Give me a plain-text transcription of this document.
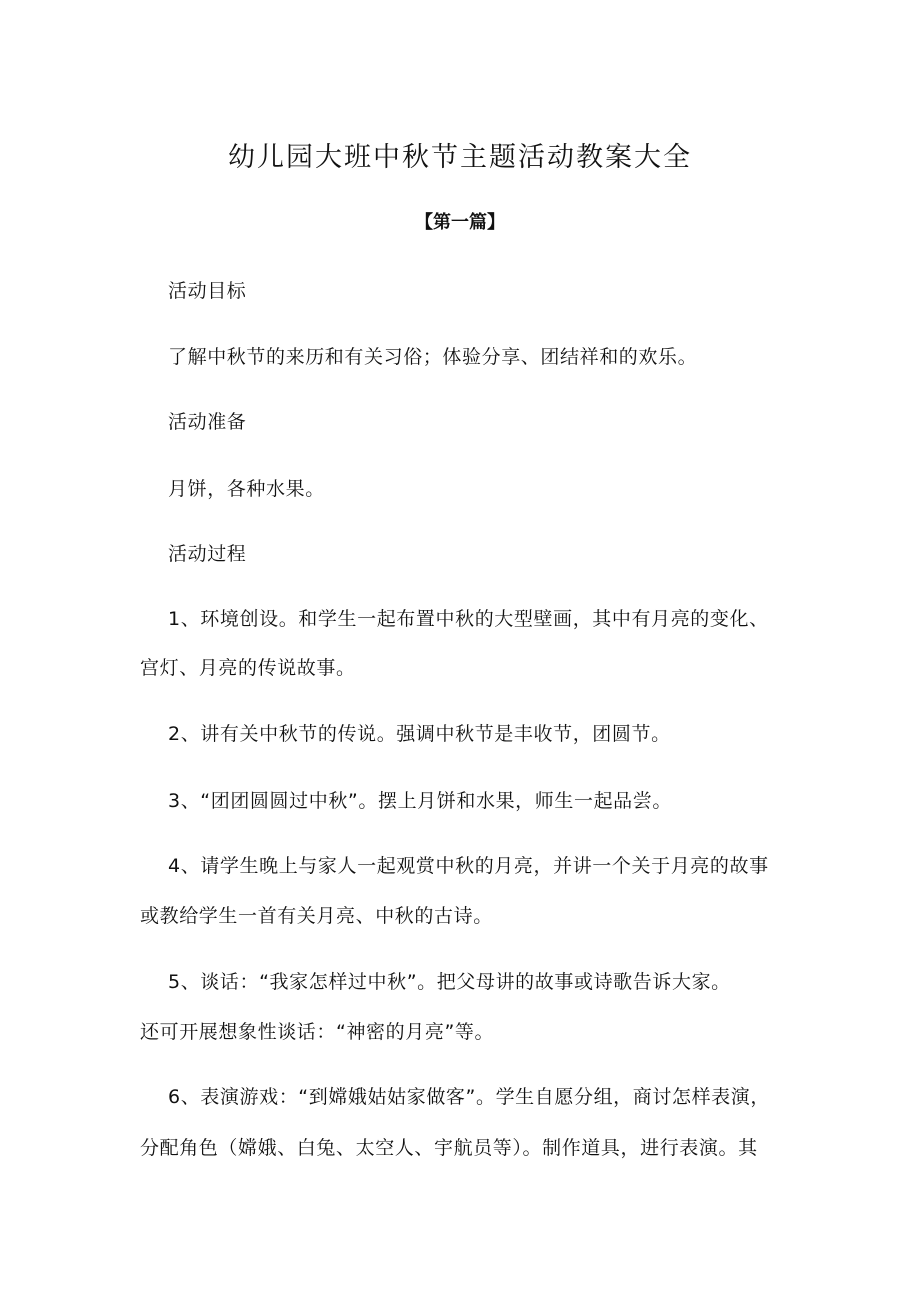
幼儿园大班中秋节主题活动教案大全
【第一篇】
活动目标
了解中秋节的来历和有关习俗；体验分享、团结祥和的欢乐。
活动准备
月饼，各种水果。
活动过程
1、环境创设。和学生一起布置中秋的大型壁画，其中有月亮的变化、
宫灯、月亮的传说故事。
2、讲有关中秋节的传说。强调中秋节是丰收节，团圆节。
3、“团团圆圆过中秋”。摆上月饼和水果，师生一起品尝。
4、请学生晚上与家人一起观赏中秋的月亮，并讲一个关于月亮的故事
或教给学生一首有关月亮、中秋的古诗。
5、谈话：“我家怎样过中秋”。把父母讲的故事或诗歌告诉大家。
还可开展想象性谈话：“神密的月亮”等。
6、表演游戏：“到嫦娥姑姑家做客”。学生自愿分组，商讨怎样表演，
分配角色（嫦娥、白兔、太空人、宇航员等）。制作道具，进行表演。其
